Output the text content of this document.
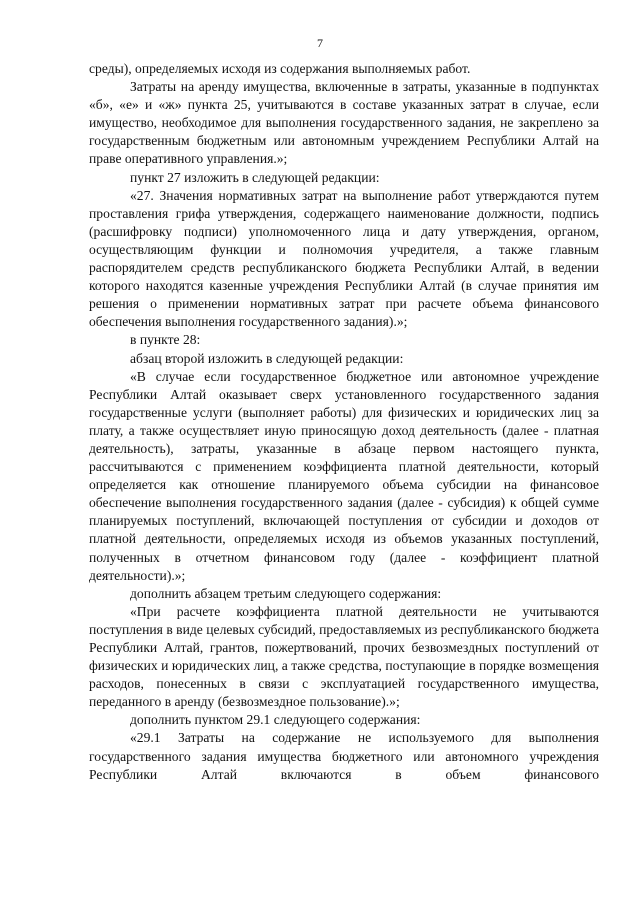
7

среды), определяемых исходя из содержания выполняемых работ.

Затраты на аренду имущества, включенные в затраты, указанные в подпунктах «б», «е» и «ж» пункта 25, учитываются в составе указанных затрат в случае, если имущество, необходимое для выполнения государственного задания, не закреплено за государственным бюджетным или автономным учреждением Республики Алтай на праве оперативного управления.»;

пункт 27 изложить в следующей редакции:

«27. Значения нормативных затрат на выполнение работ утверждаются путем проставления грифа утверждения, содержащего наименование должности, подпись (расшифровку подписи) уполномоченного лица и дату утверждения, органом, осуществляющим функции и полномочия учредителя, а также главным распорядителем средств республиканского бюджета Республики Алтай, в ведении которого находятся казенные учреждения Республики Алтай (в случае принятия им решения о применении нормативных затрат при расчете объема финансового обеспечения выполнения государственного задания).»;

в пункте 28:

абзац второй изложить в следующей редакции:

«В случае если государственное бюджетное или автономное учреждение Республики Алтай оказывает сверх установленного государственного задания государственные услуги (выполняет работы) для физических и юридических лиц за плату, а также осуществляет иную приносящую доход деятельность (далее - платная деятельность), затраты, указанные в абзаце первом настоящего пункта, рассчитываются с применением коэффициента платной деятельности, который определяется как отношение планируемого объема субсидии на финансовое обеспечение выполнения государственного задания (далее - субсидия) к общей сумме планируемых поступлений, включающей поступления от субсидии и доходов от платной деятельности, определяемых исходя из объемов указанных поступлений, полученных в отчетном финансовом году (далее - коэффициент платной деятельности).»;

дополнить абзацем третьим следующего содержания:

«При расчете коэффициента платной деятельности не учитываются поступления в виде целевых субсидий, предоставляемых из республиканского бюджета Республики Алтай, грантов, пожертвований, прочих безвозмездных поступлений от физических и юридических лиц, а также средства, поступающие в порядке возмещения расходов, понесенных в связи с эксплуатацией государственного имущества, переданного в аренду (безвозмездное пользование).»;

дополнить пунктом 29.1 следующего содержания:

«29.1 Затраты на содержание не используемого для выполнения государственного задания имущества бюджетного или автономного учреждения Республики Алтай включаются в объем финансового
